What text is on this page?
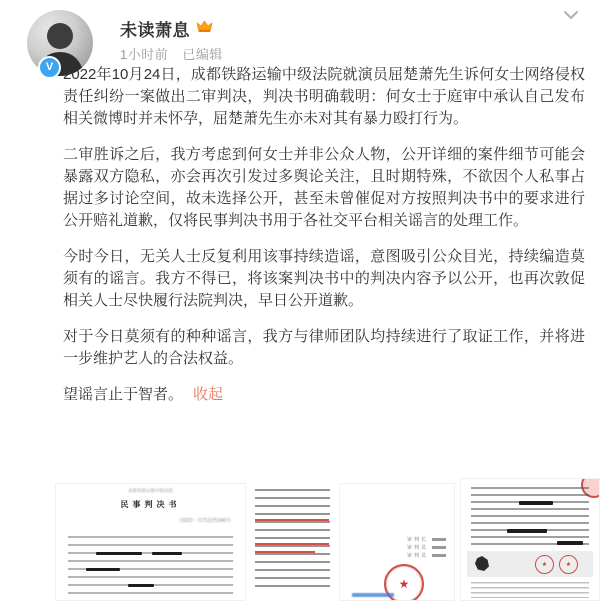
V
未读萧息
1小时前 已编辑

2022年10月24日，成都铁路运输中级法院就演员屈楚萧先生诉何女士网络侵权责任纠纷一案做出二审判决，判决书明确载明：何女士于庭审中承认自己发布相关微博时并未怀孕，屈楚萧先生亦未对其有暴力殴打行为。

二审胜诉之后，我方考虑到何女士并非公众人物，公开详细的案件细节可能会暴露双方隐私，亦会再次引发过多舆论关注，且时期特殊，不欲因个人私事占据过多讨论空间，故未选择公开，甚至未曾催促对方按照判决书中的要求进行公开赔礼道歉，仅将民事判决书用于各社交平台相关谣言的处理工作。

今时今日，无关人士反复利用该事持续造谣，意图吸引公众目光，持续编造莫须有的谣言。我方不得已，将该案判决书中的判决内容予以公开，也再次敦促相关人士尽快履行法院判决，早日公开道歉。

对于今日莫须有的种种谣言，我方与律师团队均持续进行了取证工作，并将进一步维护艺人的合法权益。

望谣言止于智者。 收起

成都铁路运输中级法院
民事判决书
（2022）川71民终240号
审判长
审判员
审判员
★
★	★
